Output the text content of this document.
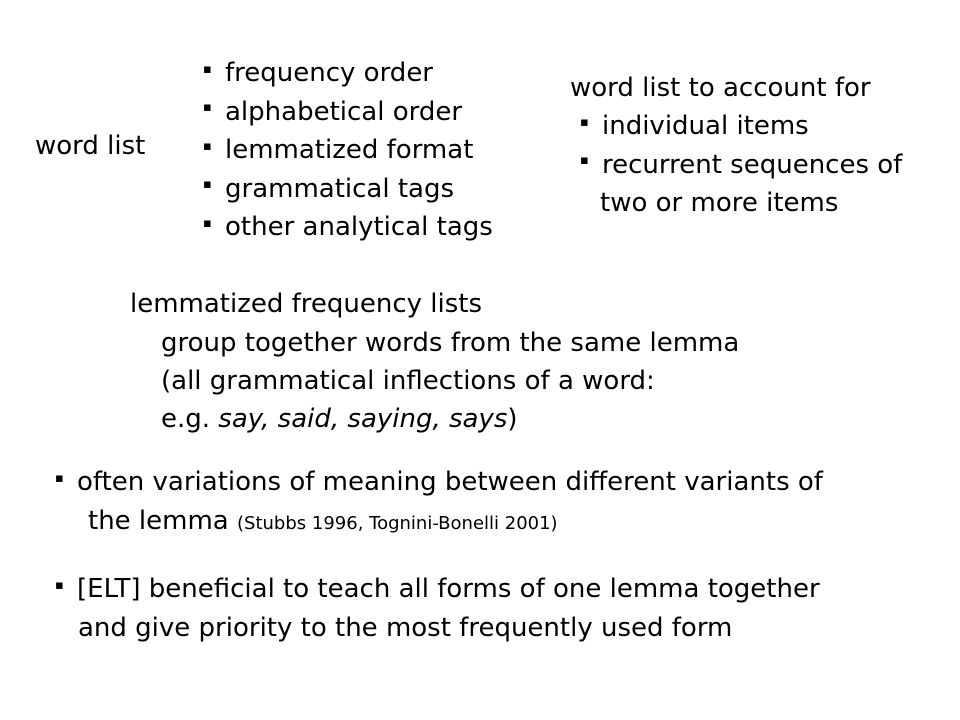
word list
▪ frequency order
▪ alphabetical order
▪ lemmatized format
▪ grammatical tags
▪ other analytical tags
word list to account for
▪ individual items
▪ recurrent sequences of
two or more items
lemmatized frequency lists
group together words from the same lemma
(all grammatical inflections of a word:
e.g. say, said, saying, says)
▪ often variations of meaning between different variants of
the lemma (Stubbs 1996, Tognini-Bonelli 2001)
▪ [ELT] beneficial to teach all forms of one lemma together
and give priority to the most frequently used form
